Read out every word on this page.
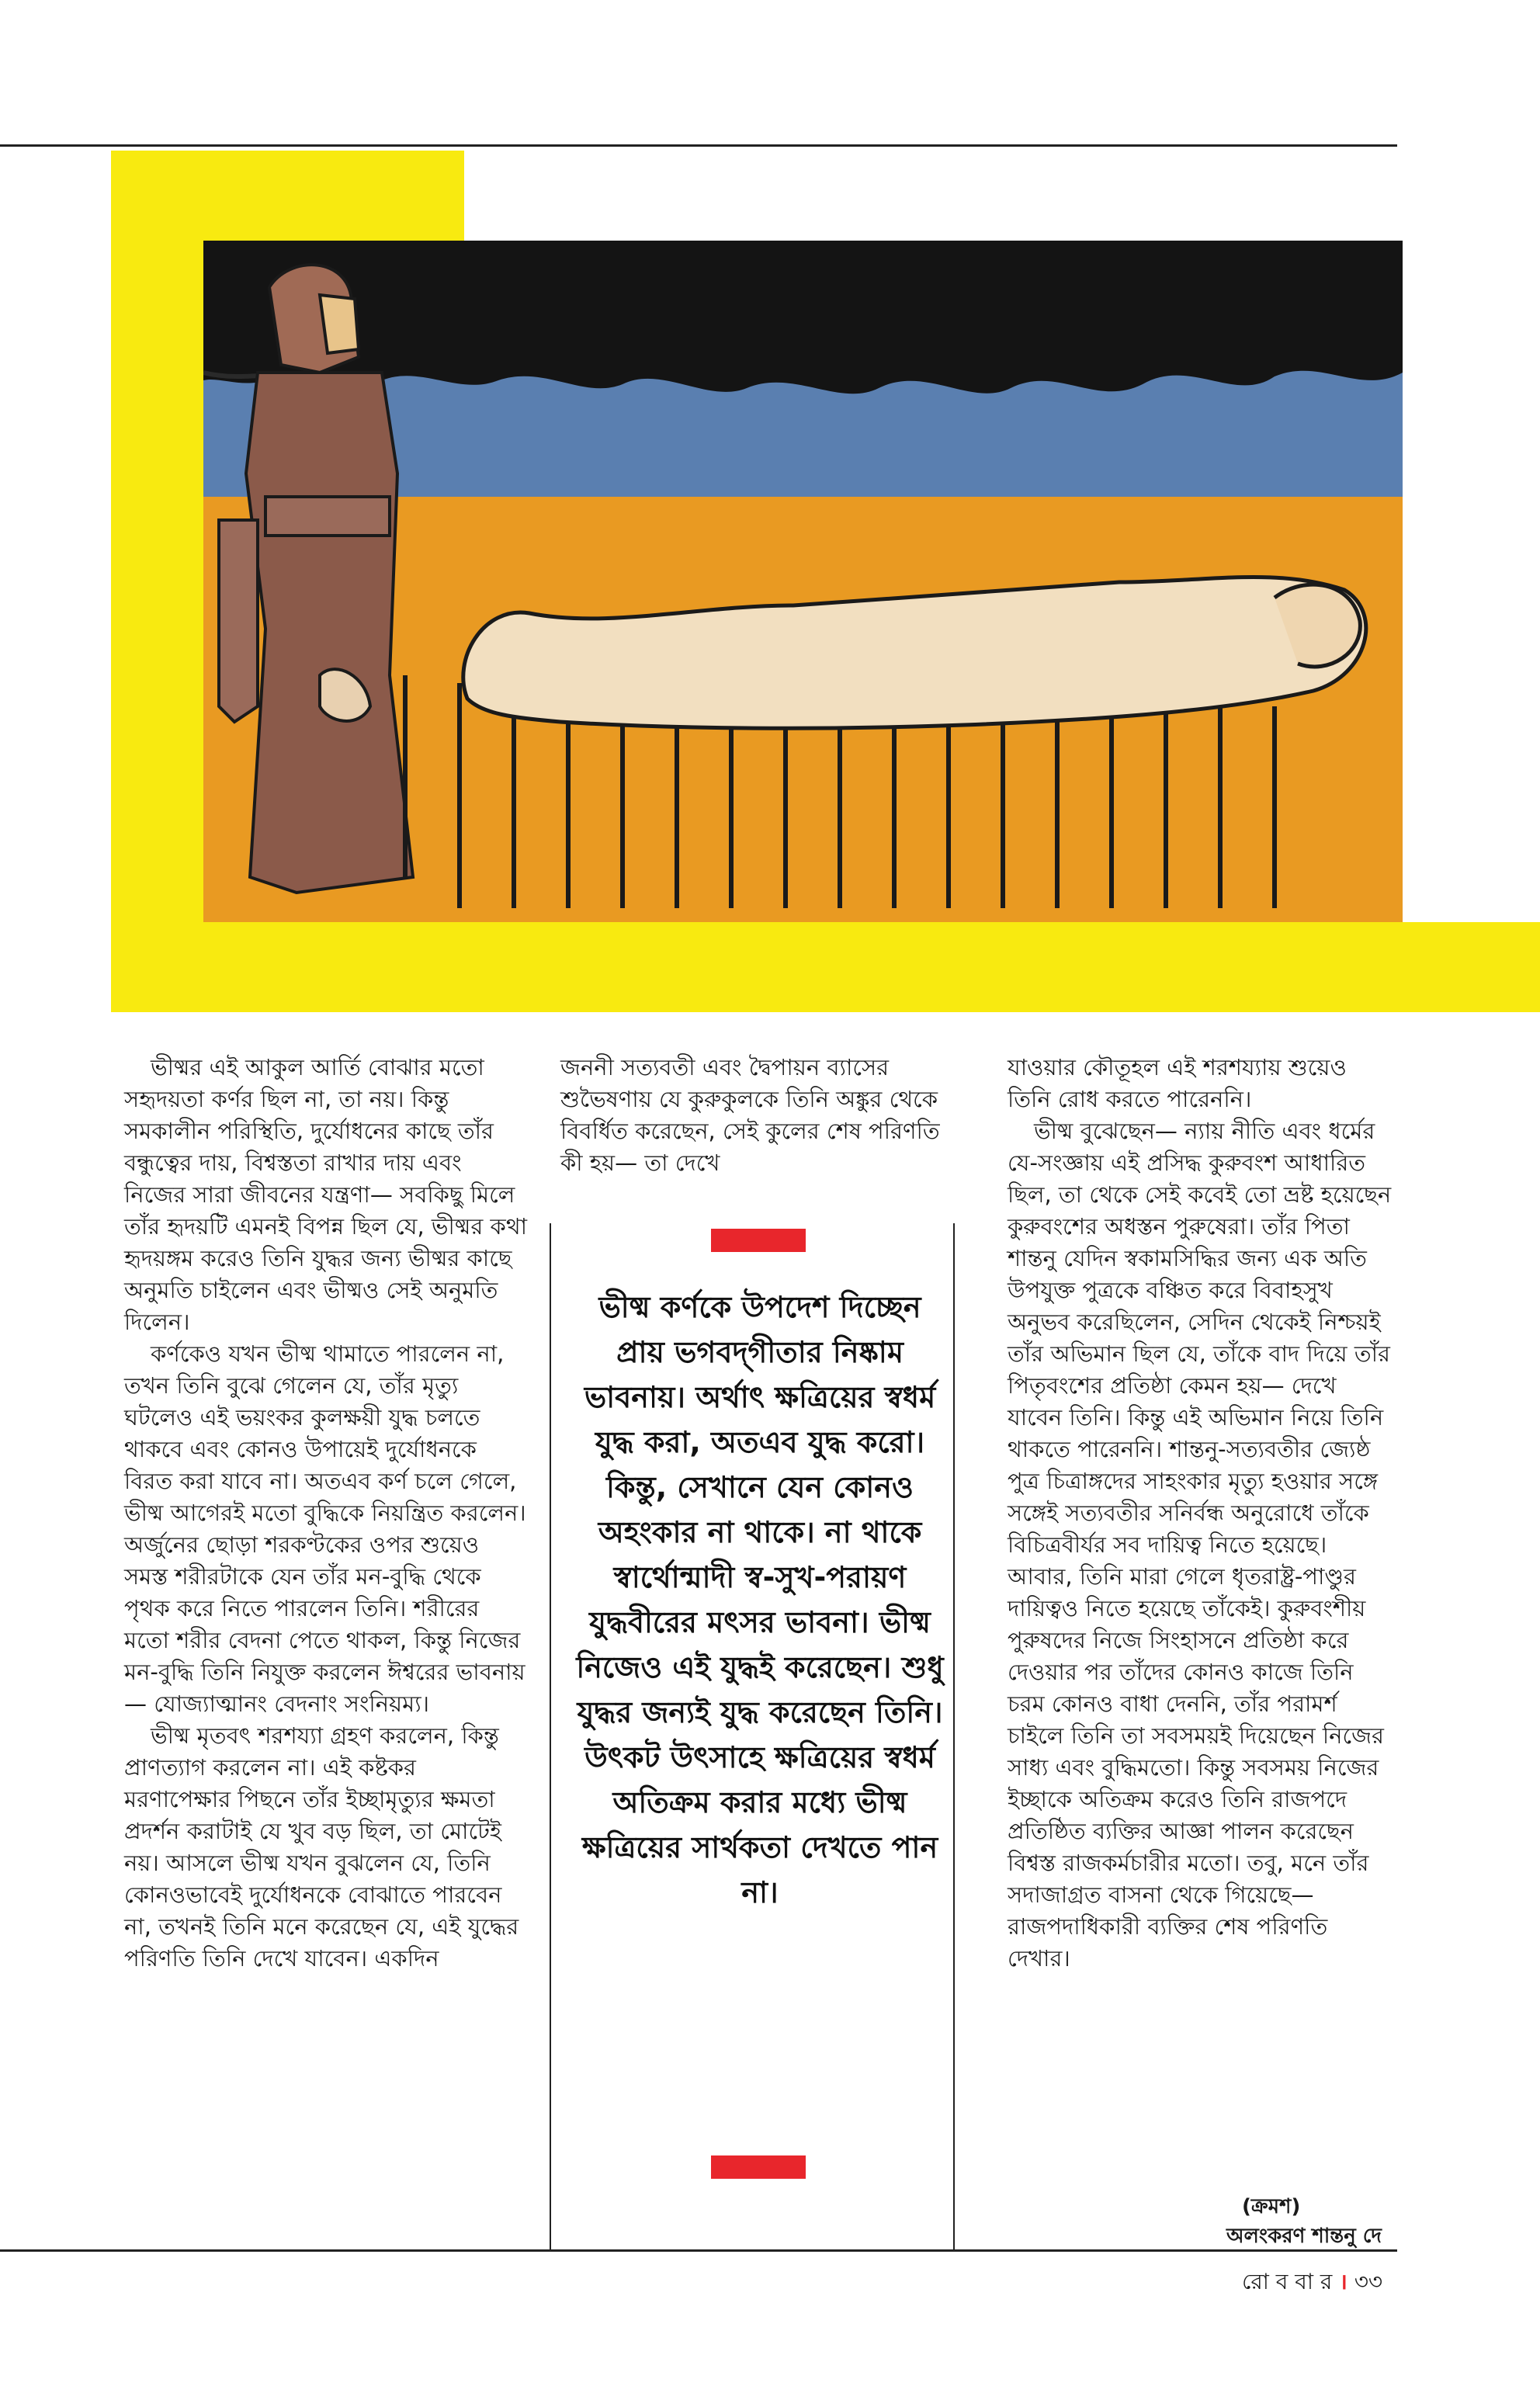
ভীষ্মর এই আকুল আর্তি বোঝার মতো সহৃদয়তা কর্ণর ছিল না, তা নয়। কিন্তু সমকালীন পরিস্থিতি, দুর্যোধনের কাছে তাঁর বন্ধুত্বের দায়, বিশ্বস্ততা রাখার দায় এবং নিজের সারা জীবনের যন্ত্রণা— সবকিছু মিলে তাঁর হৃদয়টি এমনই বিপন্ন ছিল যে, ভীষ্মর কথা হৃদয়ঙ্গম করেও তিনি যুদ্ধর জন্য ভীষ্মর কাছে অনুমতি চাইলেন এবং ভীষ্মও সেই অনুমতি দিলেন।

কর্ণকেও যখন ভীষ্ম থামাতে পারলেন না, তখন তিনি বুঝে গেলেন যে, তাঁর মৃত্যু ঘটলেও এই ভয়ংকর কুলক্ষয়ী যুদ্ধ চলতে থাকবে এবং কোনও উপায়েই দুর্যোধনকে বিরত করা যাবে না। অতএব কর্ণ চলে গেলে, ভীষ্ম আগেরই মতো বুদ্ধিকে নিয়ন্ত্রিত করলেন। অর্জুনের ছোড়া শরকণ্টকের ওপর শুয়েও সমস্ত শরীরটাকে যেন তাঁর মন-বুদ্ধি থেকে পৃথক করে নিতে পারলেন তিনি। শরীরের মতো শরীর বেদনা পেতে থাকল, কিন্তু নিজের মন-বুদ্ধি তিনি নিযুক্ত করলেন ঈশ্বরের ভাবনায়— যোজ্যাত্মানং বেদনাং সংনিয়ম্য।

ভীষ্ম মৃতবৎ শরশয্যা গ্রহণ করলেন, কিন্তু প্রাণত্যাগ করলেন না। এই কষ্টকর মরণাপেক্ষার পিছনে তাঁর ইচ্ছামৃত্যুর ক্ষমতা প্রদর্শন করাটাই যে খুব বড় ছিল, তা মোটেই নয়। আসলে ভীষ্ম যখন বুঝলেন যে, তিনি কোনওভাবেই দুর্যোধনকে বোঝাতে পারবেন না, তখনই তিনি মনে করেছেন যে, এই যুদ্ধের পরিণতি তিনি দেখে যাবেন। একদিন

জননী সত্যবতী এবং দ্বৈপায়ন ব্যাসের শুভৈষণায় যে কুরুকুলকে তিনি অঙ্কুর থেকে বিবর্ধিত করেছেন, সেই কুলের শেষ পরিণতি কী হয়— তা দেখে

ভীষ্ম কর্ণকে উপদেশ দিচ্ছেন প্রায় ভগবদ্‌গীতার নিষ্কাম ভাবনায়। অর্থাৎ ক্ষত্রিয়ের স্বধর্ম যুদ্ধ করা, অতএব যুদ্ধ করো। কিন্তু, সেখানে যেন কোনও অহংকার না থাকে। না থাকে স্বার্থোন্মাদী স্ব-সুখ-পরায়ণ যুদ্ধবীরের মৎসর ভাবনা। ভীষ্ম নিজেও এই যুদ্ধই করেছেন। শুধু যুদ্ধর জন্যই যুদ্ধ করেছেন তিনি। উৎকট উৎসাহে ক্ষত্রিয়ের স্বধর্ম অতিক্রম করার মধ্যে ভীষ্ম ক্ষত্রিয়ের সার্থকতা দেখতে পান না।

যাওয়ার কৌতূহল এই শরশয্যায় শুয়েও তিনি রোধ করতে পারেননি।

ভীষ্ম বুঝেছেন— ন্যায় নীতি এবং ধর্মের যে-সংজ্ঞায় এই প্রসিদ্ধ কুরুবংশ আধারিত ছিল, তা থেকে সেই কবেই তো ভ্রষ্ট হয়েছেন কুরুবংশের অধস্তন পুরুষেরা। তাঁর পিতা শান্তনু যেদিন স্বকামসিদ্ধির জন্য এক অতি উপযুক্ত পুত্রকে বঞ্চিত করে বিবাহসুখ অনুভব করেছিলেন, সেদিন থেকেই নিশ্চয়ই তাঁর অভিমান ছিল যে, তাঁকে বাদ দিয়ে তাঁর পিতৃবংশের প্রতিষ্ঠা কেমন হয়— দেখে যাবেন তিনি। কিন্তু এই অভিমান নিয়ে তিনি থাকতে পারেননি। শান্তনু-সত্যবতীর জ্যেষ্ঠ পুত্র চিত্রাঙ্গদের সাহংকার মৃত্যু হওয়ার সঙ্গে সঙ্গেই সত্যবতীর সনির্বন্ধ অনুরোধে তাঁকে বিচিত্রবীর্যর সব দায়িত্ব নিতে হয়েছে। আবার, তিনি মারা গেলে ধৃতরাষ্ট্র-পাণ্ডুর দায়িত্বও নিতে হয়েছে তাঁকেই। কুরুবংশীয় পুরুষদের নিজে সিংহাসনে প্রতিষ্ঠা করে দেওয়ার পর তাঁদের কোনও কাজে তিনি চরম কোনও বাধা দেননি, তাঁর পরামর্শ চাইলে তিনি তা সবসময়ই দিয়েছেন নিজের সাধ্য এবং বুদ্ধিমতো। কিন্তু সবসময় নিজের ইচ্ছাকে অতিক্রম করেও তিনি রাজপদে প্রতিষ্ঠিত ব্যক্তির আজ্ঞা পালন করেছেন বিশ্বস্ত রাজকর্মচারীর মতো। তবু, মনে তাঁর সদাজাগ্রত বাসনা থেকে গিয়েছে— রাজপদাধিকারী ব্যক্তির শেষ পরিণতি দেখার।

(ক্রমশ)
অলংকরণ শান্তনু দে
রো ব বা র । ৩৩
